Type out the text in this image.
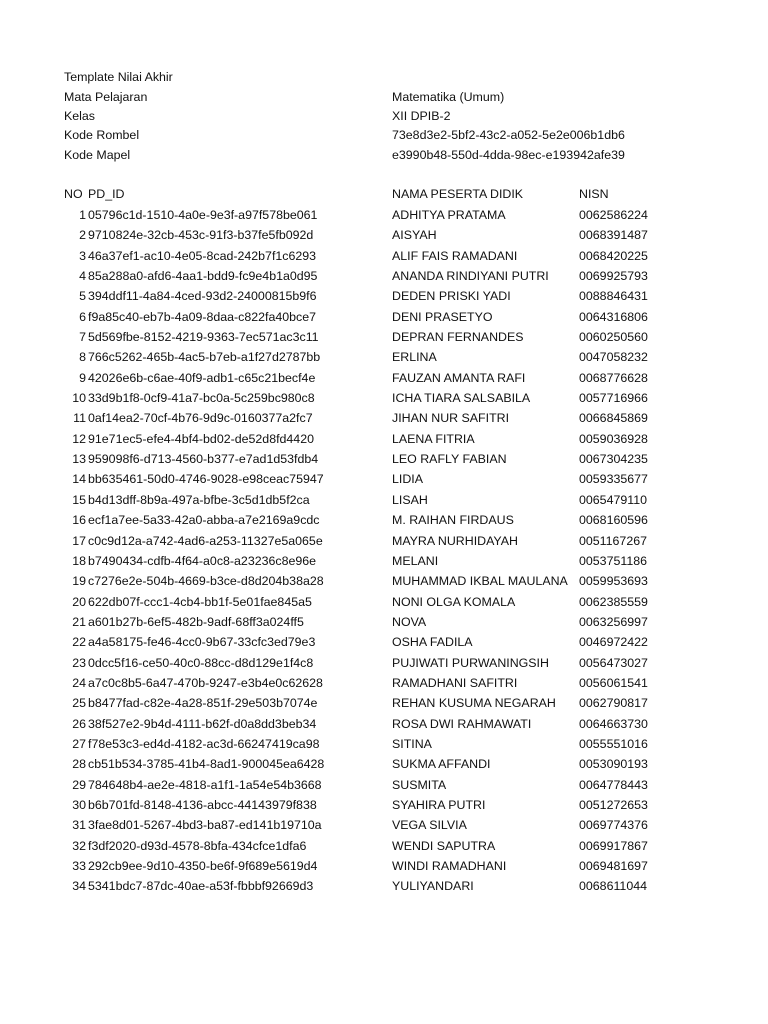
Template Nilai Akhir
Mata Pelajaran	Matematika (Umum)
Kelas	XII DPIB-2
Kode Rombel	73e8d3e2-5bf2-43c2-a052-5e2e006b1db6
Kode Mapel	e3990b48-550d-4dda-98ec-e193942afe39
NO PD_ID	NAMA PESERTA DIDIK	NISN
1 05796c1d-1510-4a0e-9e3f-a97f578be061	ADHITYA PRATAMA	0062586224
2 9710824e-32cb-453c-91f3-b37fe5fb092d	AISYAH	0068391487
3 46a37ef1-ac10-4e05-8cad-242b7f1c6293	ALIF FAIS RAMADANI	0068420225
4 85a288a0-afd6-4aa1-bdd9-fc9e4b1a0d95	ANANDA RINDIYANI PUTRI 0069925793
5 394ddf11-4a84-4ced-93d2-24000815b9f6	DEDEN PRISKI YADI	0088846431
6 f9a85c40-eb7b-4a09-8daa-c822fa40bce7	DENI PRASETYO	0064316806
7 5d569fbe-8152-4219-9363-7ec571ac3c11	DEPRAN FERNANDES	0060250560
8 766c5262-465b-4ac5-b7eb-a1f27d2787bb	ERLINA	0047058232
9 42026e6b-c6ae-40f9-adb1-c65c21becf4e	FAUZAN AMANTA RAFI	0068776628
10 33d9b1f8-0cf9-41a7-bc0a-5c259bc980c8	ICHA TIARA SALSABILA	0057716966
11 0af14ea2-70cf-4b76-9d9c-0160377a2fc7	JIHAN NUR SAFITRI	0066845869
12 91e71ec5-efe4-4bf4-bd02-de52d8fd4420	LAENA FITRIA	0059036928
13 959098f6-d713-4560-b377-e7ad1d53fdb4	LEO RAFLY FABIAN	0067304235
14 bb635461-50d0-4746-9028-e98ceac75947	LIDIA	0059335677
15 b4d13dff-8b9a-497a-bfbe-3c5d1db5f2ca	LISAH	0065479110
16 ecf1a7ee-5a33-42a0-abba-a7e2169a9cdc	M. RAIHAN FIRDAUS	0068160596
17 c0c9d12a-a742-4ad6-a253-11327e5a065e	MAYRA NURHIDAYAH	0051167267
18 b7490434-cdfb-4f64-a0c8-a23236c8e96e	MELANI	0053751186
19 c7276e2e-504b-4669-b3ce-d8d204b38a28	MUHAMMAD IKBAL MAULANA 0059953693
20 622db07f-ccc1-4cb4-bb1f-5e01fae845a5	NONI OLGA KOMALA	0062385559
21 a601b27b-6ef5-482b-9adf-68ff3a024ff5	NOVA	0063256997
22 a4a58175-fe46-4cc0-9b67-33cfc3ed79e3	OSHA FADILA	0046972422
23 0dcc5f16-ce50-40c0-88cc-d8d129e1f4c8	PUJIWATI PURWANINGSIH 0056473027
24 a7c0c8b5-6a47-470b-9247-e3b4e0c62628	RAMADHANI SAFITRI	0056061541
25 b8477fad-c82e-4a28-851f-29e503b7074e	REHAN KUSUMA NEGARAH 0062790817
26 38f527e2-9b4d-4111-b62f-d0a8dd3beb34	ROSA DWI RAHMAWATI	0064663730
27 f78e53c3-ed4d-4182-ac3d-66247419ca98	SITINA	0055551016
28 cb51b534-3785-41b4-8ad1-900045ea6428	SUKMA AFFANDI	0053090193
29 784648b4-ae2e-4818-a1f1-1a54e54b3668	SUSMITA	0064778443
30 b6b701fd-8148-4136-abcc-44143979f838	SYAHIRA PUTRI	0051272653
31 3fae8d01-5267-4bd3-ba87-ed141b19710a	VEGA SILVIA	0069774376
32 f3df2020-d93d-4578-8bfa-434cfce1dfa6	WENDI SAPUTRA	0069917867
33 292cb9ee-9d10-4350-be6f-9f689e5619d4	WINDI RAMADHANI	0069481697
34 5341bdc7-87dc-40ae-a53f-fbbbf92669d3	YULIYANDARI	0068611044
